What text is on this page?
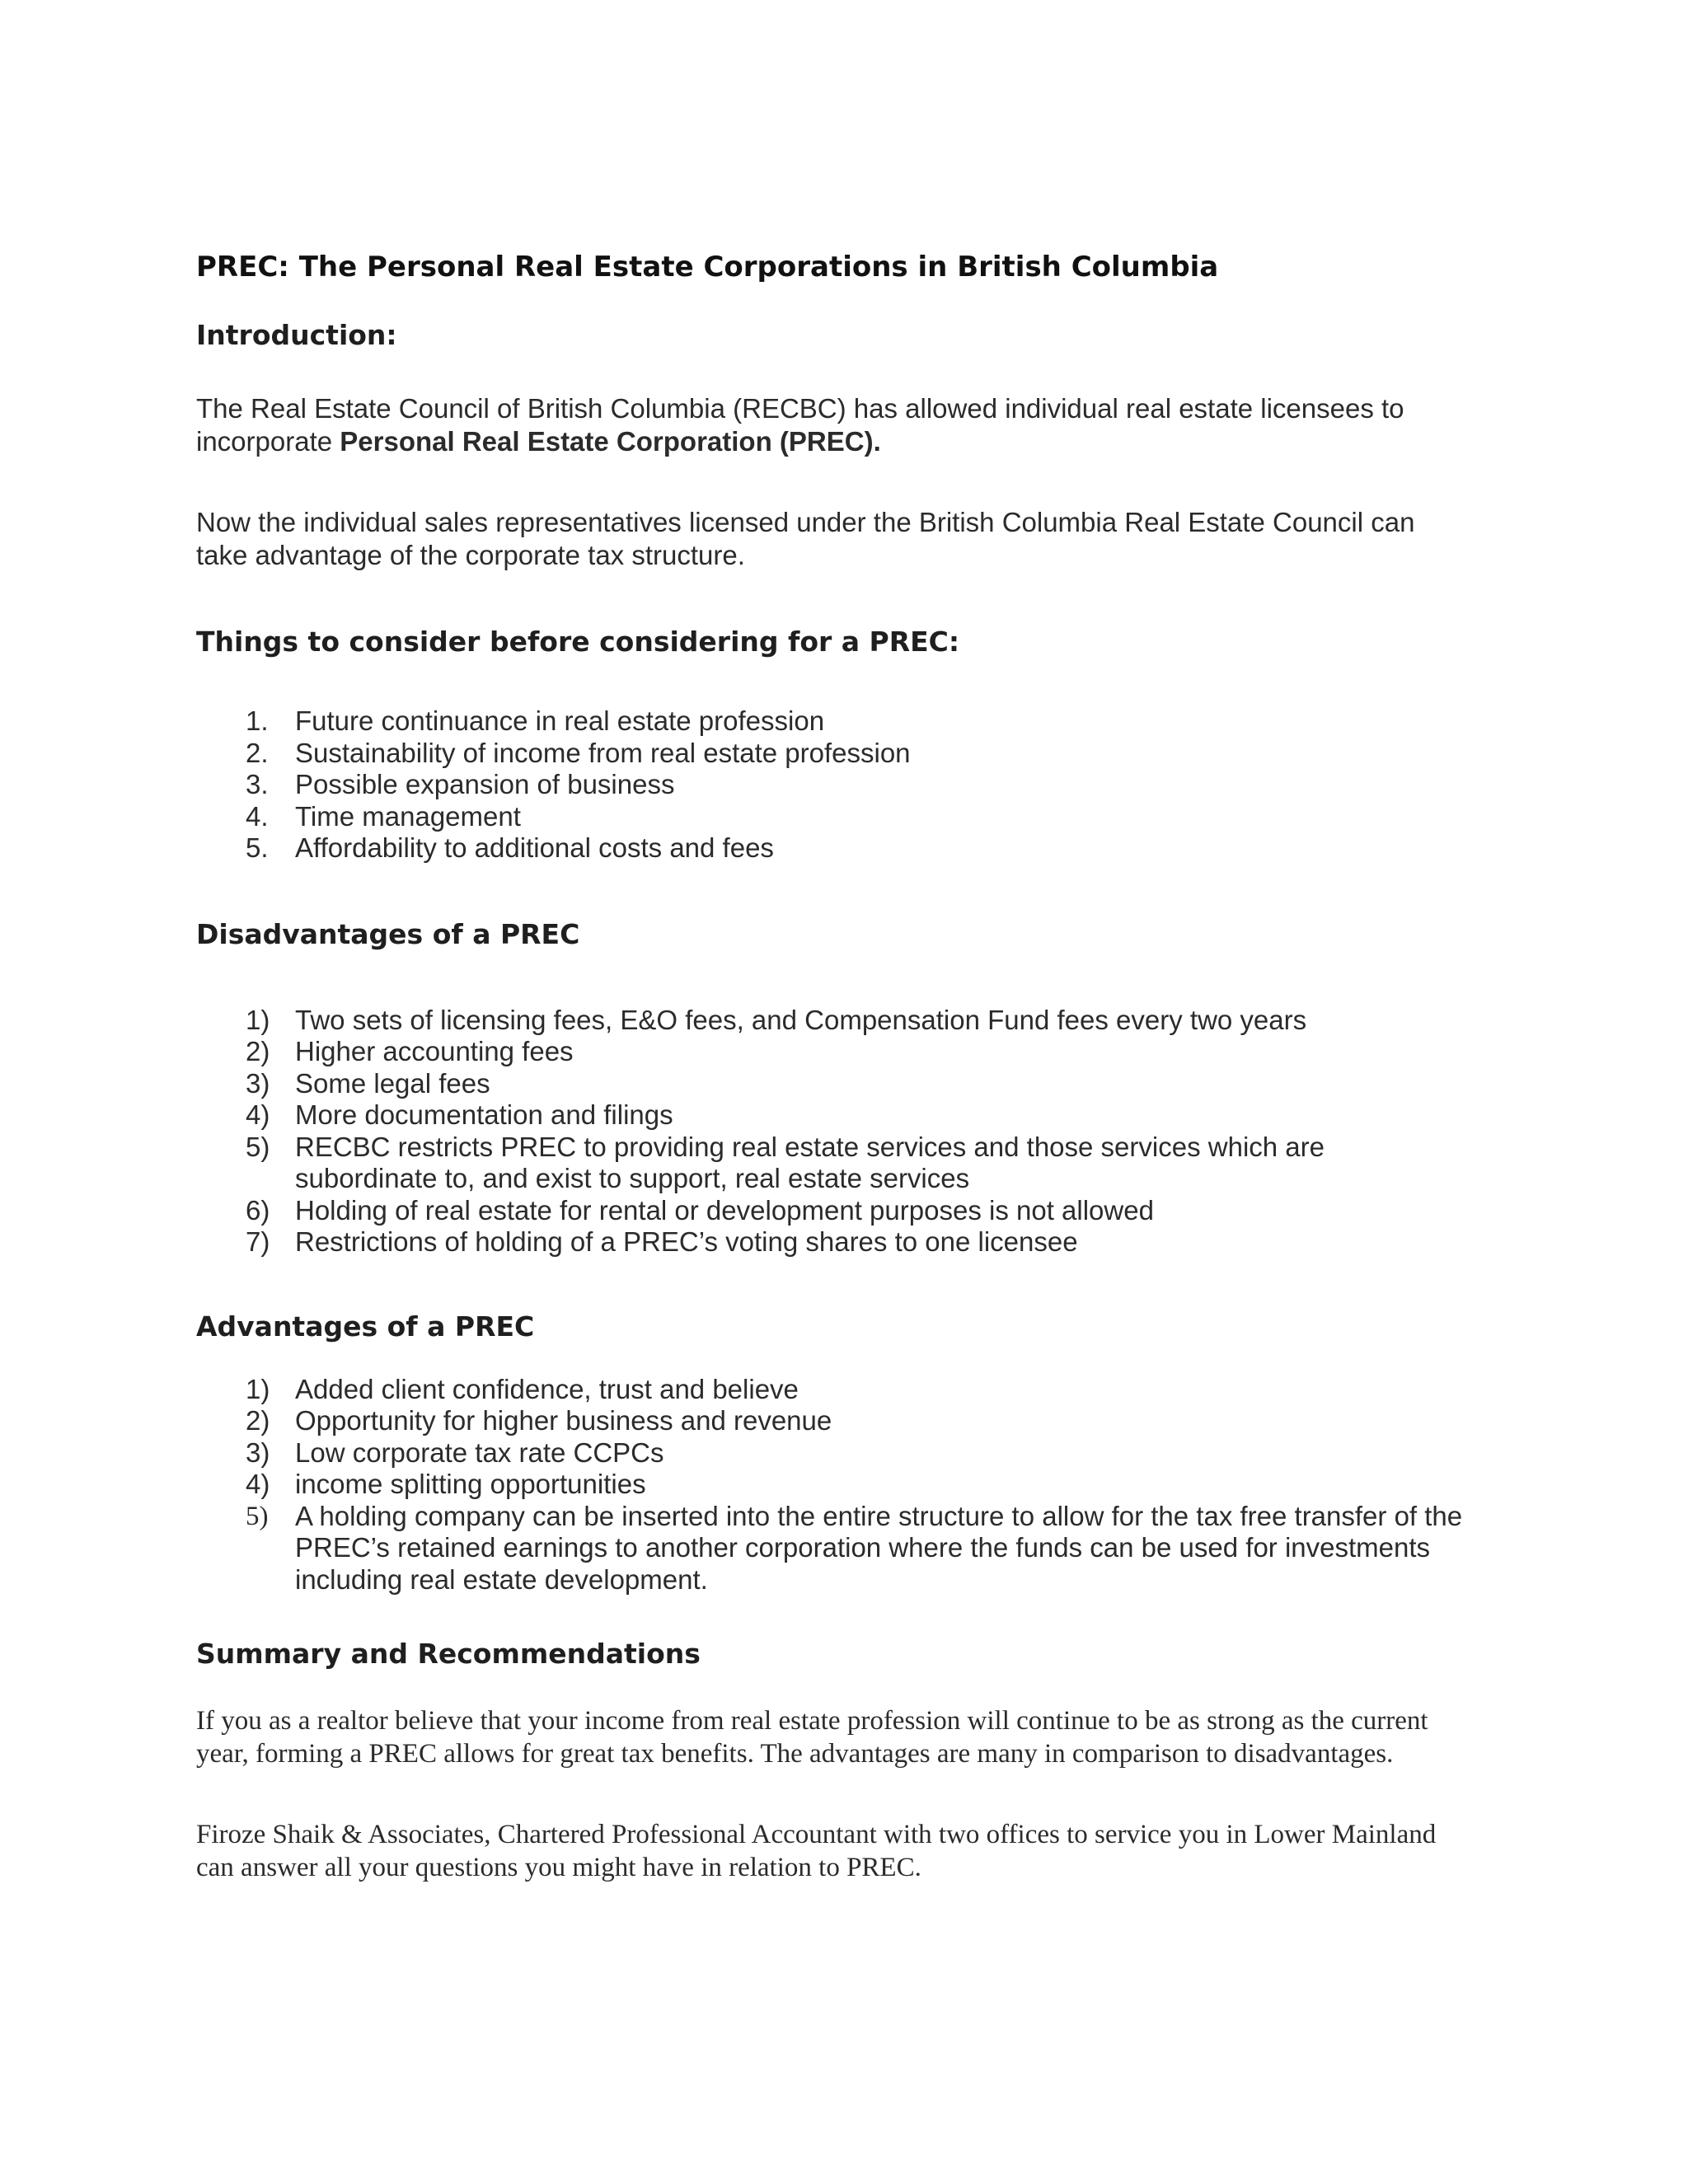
PREC: The Personal Real Estate Corporations in British Columbia
Introduction:

The Real Estate Council of British Columbia (RECBC) has allowed individual real estate licensees to

incorporate Personal Real Estate Corporation (PREC).

Now the individual sales representatives licensed under the British Columbia Real Estate Council can

take advantage of the corporate tax structure.

Things to consider before considering for a PREC:
1. Future continuance in real estate profession
2. Sustainability of income from real estate profession
3. Possible expansion of business
4. Time management
5. Affordability to additional costs and fees
Disadvantages of a PREC
1) Two sets of licensing fees, E&O fees, and Compensation Fund fees every two years
2) Higher accounting fees
3) Some legal fees
4) More documentation and filings
5) RECBC restricts PREC to providing real estate services and those services which are
subordinate to, and exist to support, real estate services
6) Holding of real estate for rental or development purposes is not allowed
7) Restrictions of holding of a PREC’s voting shares to one licensee
Advantages of a PREC
1) Added client confidence, trust and believe
2) Opportunity for higher business and revenue
3) Low corporate tax rate CCPCs
4) income splitting opportunities
5) A holding company can be inserted into the entire structure to allow for the tax free transfer of the
PREC’s retained earnings to another corporation where the funds can be used for investments
including real estate development.
Summary and Recommendations

If you as a realtor believe that your income from real estate profession will continue to be as strong as the current

year, forming a PREC allows for great tax benefits. The advantages are many in comparison to disadvantages.

Firoze Shaik & Associates, Chartered Professional Accountant with two offices to service you in Lower Mainland

can answer all your questions you might have in relation to PREC.
